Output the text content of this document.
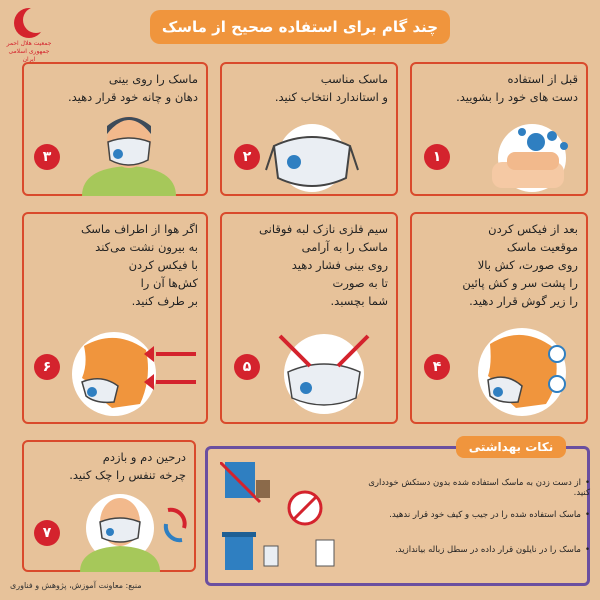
جمعیت هلال احمر جمهوری اسلامی ایران
چند گام برای استفاده صحیح از ماسک
قبل از استفاده
دست های خود را بشویید.
۱
ماسک مناسب
و استاندارد انتخاب کنید.
۲
ماسک را روی بینی
دهان و چانه خود قرار دهید.
۳
بعد از فیکس کردن
موقعیت ماسک
روی صورت، کش بالا
را پشت سر و کش پائین
را زیر گوش قرار دهید.
۴
سیم فلزی نازک لبه فوقانی
ماسک را به آرامی
روی بینی فشار دهید
تا به صورت
شما بچسبد.
۵
اگر هوا از اطراف ماسک
به بیرون نشت می‌کند
با فیکس کردن
کش‌ها آن را
بر طرف کنید.
۶
درحین دم و بازدم
چرخه تنفس را چک کنید.
۷
نکات بهداشتی
• از دست زدن به ماسک استفاده شده بدون دستکش خودداری کنید.
• ماسک استفاده شده را در جیب و کیف خود قرار ندهید.
• ماسک را در نایلون قرار داده در سطل زباله بیاندازید.
منبع: معاونت آموزش، پژوهش و فناوری
